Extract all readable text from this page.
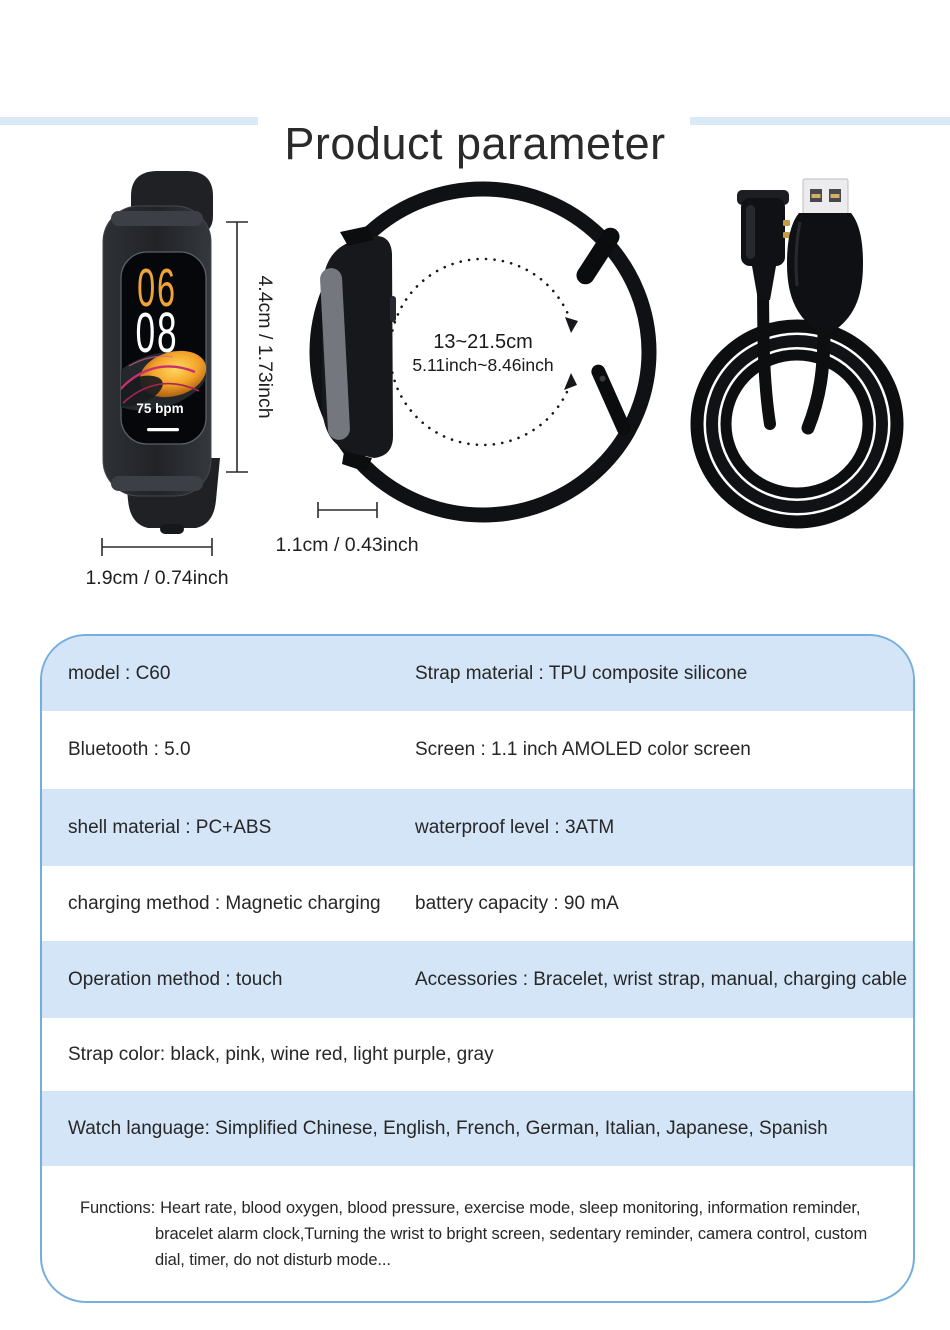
Product parameter
06
08
75 bpm	4.4cm / 1.73inch
1.9cm / 0.74inch
13~21.5cm
5.11inch~8.46inch
1.1cm / 0.43inch
model : C60	Strap material : TPU composite silicone
Bluetooth : 5.0	Screen : 1.1 inch AMOLED color screen
shell material : PC+ABS	waterproof level : 3ATM
charging method : Magnetic charging	battery capacity : 90 mA
Operation method : touch	Accessories : Bracelet, wrist strap, manual, charging cable
Strap color: black, pink, wine red, light purple, gray
Watch language: Simplified Chinese, English, French, German, Italian, Japanese, Spanish
Functions: Heart rate, blood oxygen, blood pressure, exercise mode, sleep monitoring, information reminder, bracelet alarm clock,Turning the wrist to bright screen, sedentary reminder, camera control, custom dial, timer, do not disturb mode...
